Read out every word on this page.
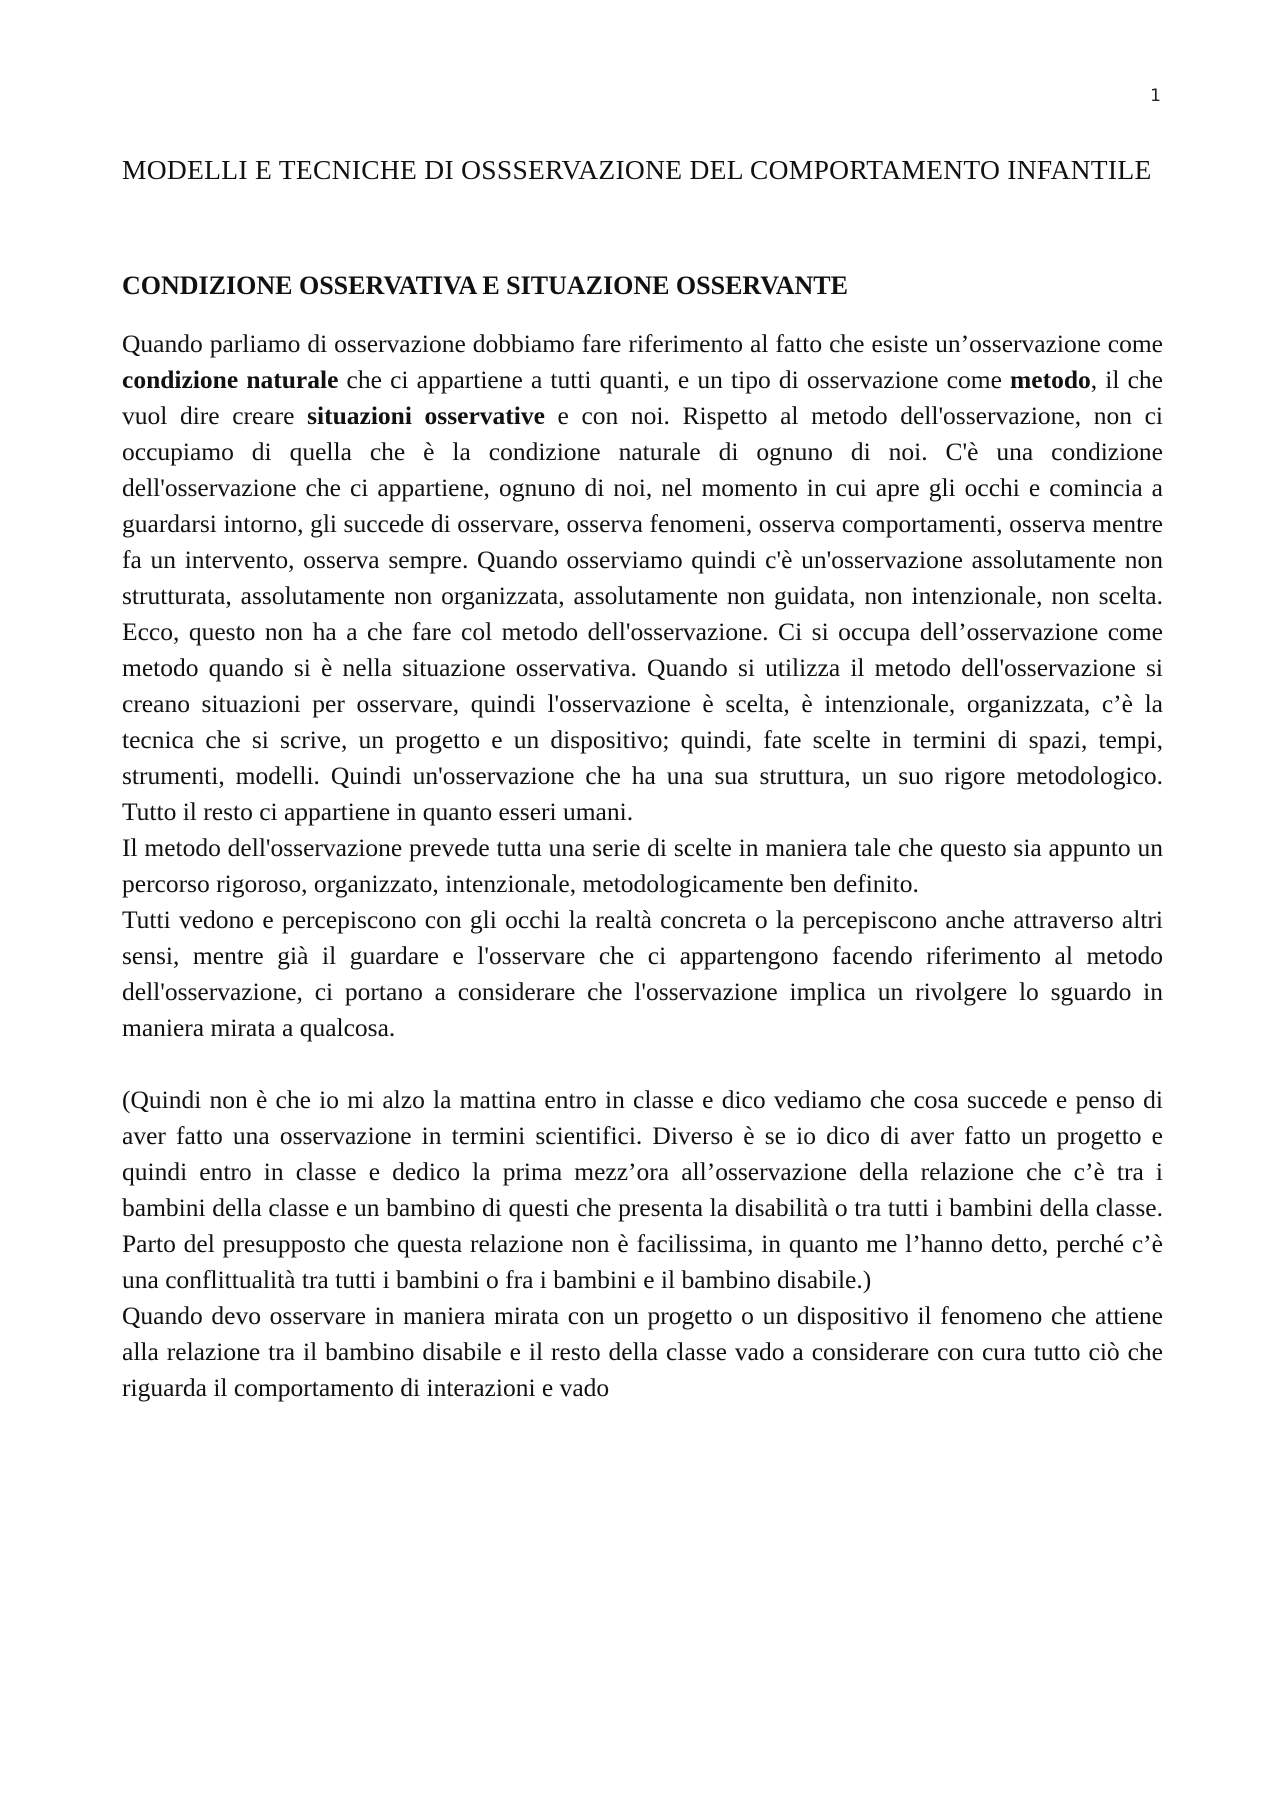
1
MODELLI E TECNICHE DI OSSSERVAZIONE DEL COMPORTAMENTO INFANTILE
CONDIZIONE OSSERVATIVA E SITUAZIONE OSSERVANTE

Quando parliamo di osservazione dobbiamo fare riferimento al fatto che esiste un’osservazione come condizione naturale che ci appartiene a tutti quanti, e un tipo di osservazione come metodo, il che vuol dire creare situazioni osservative e con noi. Rispetto al metodo dell'osservazione, non ci occupiamo di quella che è la condizione naturale di ognuno di noi. C'è una condizione dell'osservazione che ci appartiene, ognuno di noi, nel momento in cui apre gli occhi e comincia a guardarsi intorno, gli succede di osservare, osserva fenomeni, osserva comportamenti, osserva mentre fa un intervento, osserva sempre. Quando osserviamo quindi c'è un'osservazione assolutamente non strutturata, assolutamente non organizzata, assolutamente non guidata, non intenzionale, non scelta. Ecco, questo non ha a che fare col metodo dell'osservazione. Ci si occupa dell’osservazione come metodo quando si è nella situazione osservativa. Quando si utilizza il metodo dell'osservazione si creano situazioni per osservare, quindi l'osservazione è scelta, è intenzionale, organizzata, c’è la tecnica che si scrive, un progetto e un dispositivo; quindi, fate scelte in termini di spazi, tempi, strumenti, modelli. Quindi un'osservazione che ha una sua struttura, un suo rigore metodologico. Tutto il resto ci appartiene in quanto esseri umani.

Il metodo dell'osservazione prevede tutta una serie di scelte in maniera tale che questo sia appunto un percorso rigoroso, organizzato, intenzionale, metodologicamente ben definito.

Tutti vedono e percepiscono con gli occhi la realtà concreta o la percepiscono anche attraverso altri sensi, mentre già il guardare e l'osservare che ci appartengono facendo riferimento al metodo dell'osservazione, ci portano a considerare che l'osservazione implica un rivolgere lo sguardo in maniera mirata a qualcosa.

(Quindi non è che io mi alzo la mattina entro in classe e dico vediamo che cosa succede e penso di aver fatto una osservazione in termini scientifici. Diverso è se io dico di aver fatto un progetto e quindi entro in classe e dedico la prima mezz’ora all’osservazione della relazione che c’è tra i bambini della classe e un bambino di questi che presenta la disabilità o tra tutti i bambini della classe. Parto del presupposto che questa relazione non è facilissima, in quanto me l’hanno detto, perché c’è una conflittualità tra tutti i bambini o fra i bambini e il bambino disabile.)

Quando devo osservare in maniera mirata con un progetto o un dispositivo il fenomeno che attiene alla relazione tra il bambino disabile e il resto della classe vado a considerare con cura tutto ciò che riguarda il comportamento di interazioni e vado
